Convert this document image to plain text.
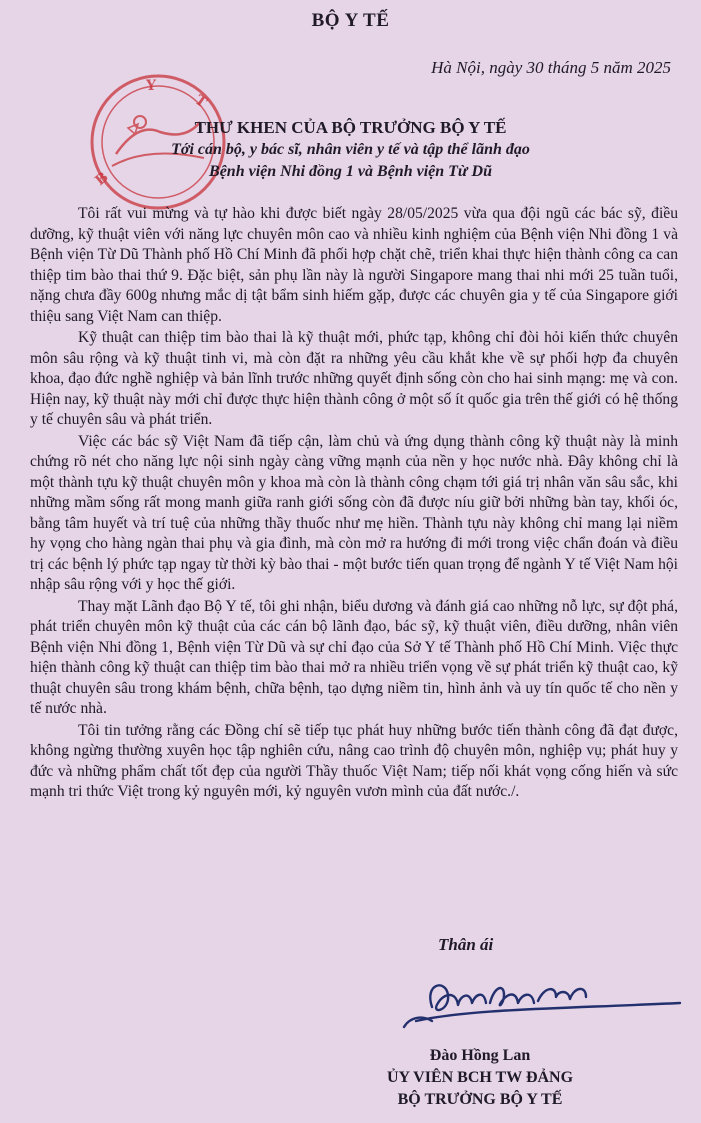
BỘ Y TẾ
Hà Nội, ngày 30 tháng 5 năm 2025
Y
T
B
THƯ KHEN CỦA BỘ TRƯỞNG BỘ Y TẾ
Tới cán bộ, y bác sĩ, nhân viên y tế và tập thể lãnh đạo
Bệnh viện Nhi đồng 1 và Bệnh viện Từ Dũ

Tôi rất vui mừng và tự hào khi được biết ngày 28/05/2025 vừa qua đội ngũ các bác sỹ, điều dưỡng, kỹ thuật viên với năng lực chuyên môn cao và nhiều kinh nghiệm của Bệnh viện Nhi đồng 1 và Bệnh viện Từ Dũ Thành phố Hồ Chí Minh đã phối hợp chặt chẽ, triển khai thực hiện thành công ca can thiệp tim bào thai thứ 9. Đặc biệt, sản phụ lần này là người Singapore mang thai nhi mới 25 tuần tuổi, nặng chưa đầy 600g nhưng mắc dị tật bẩm sinh hiếm gặp, được các chuyên gia y tế của Singapore giới thiệu sang Việt Nam can thiệp.

Kỹ thuật can thiệp tim bào thai là kỹ thuật mới, phức tạp, không chỉ đòi hỏi kiến thức chuyên môn sâu rộng và kỹ thuật tinh vi, mà còn đặt ra những yêu cầu khắt khe về sự phối hợp đa chuyên khoa, đạo đức nghề nghiệp và bản lĩnh trước những quyết định sống còn cho hai sinh mạng: mẹ và con. Hiện nay, kỹ thuật này mới chỉ được thực hiện thành công ở một số ít quốc gia trên thế giới có hệ thống y tế chuyên sâu và phát triển.

Việc các bác sỹ Việt Nam đã tiếp cận, làm chủ và ứng dụng thành công kỹ thuật này là minh chứng rõ nét cho năng lực nội sinh ngày càng vững mạnh của nền y học nước nhà. Đây không chỉ là một thành tựu kỹ thuật chuyên môn y khoa mà còn là thành công chạm tới giá trị nhân văn sâu sắc, khi những mầm sống rất mong manh giữa ranh giới sống còn đã được níu giữ bởi những bàn tay, khối óc, bằng tâm huyết và trí tuệ của những thầy thuốc như mẹ hiền. Thành tựu này không chỉ mang lại niềm hy vọng cho hàng ngàn thai phụ và gia đình, mà còn mở ra hướng đi mới trong việc chẩn đoán và điều trị các bệnh lý phức tạp ngay từ thời kỳ bào thai - một bước tiến quan trọng để ngành Y tế Việt Nam hội nhập sâu rộng với y học thế giới.

Thay mặt Lãnh đạo Bộ Y tế, tôi ghi nhận, biểu dương và đánh giá cao những nỗ lực, sự đột phá, phát triển chuyên môn kỹ thuật của các cán bộ lãnh đạo, bác sỹ, kỹ thuật viên, điều dưỡng, nhân viên Bệnh viện Nhi đồng 1, Bệnh viện Từ Dũ và sự chỉ đạo của Sở Y tế Thành phố Hồ Chí Minh. Việc thực hiện thành công kỹ thuật can thiệp tim bào thai mở ra nhiều triển vọng về sự phát triển kỹ thuật cao, kỹ thuật chuyên sâu trong khám bệnh, chữa bệnh, tạo dựng niềm tin, hình ảnh và uy tín quốc tế cho nền y tế nước nhà.

Tôi tin tưởng rằng các Đồng chí sẽ tiếp tục phát huy những bước tiến thành công đã đạt được, không ngừng thường xuyên học tập nghiên cứu, nâng cao trình độ chuyên môn, nghiệp vụ; phát huy y đức và những phẩm chất tốt đẹp của người Thầy thuốc Việt Nam; tiếp nối khát vọng cống hiến và sức mạnh tri thức Việt trong kỷ nguyên mới, kỷ nguyên vươn mình của đất nước./.

Thân ái
Đào Hồng Lan
ỦY VIÊN BCH TW ĐẢNG
BỘ TRƯỞNG BỘ Y TẾ
